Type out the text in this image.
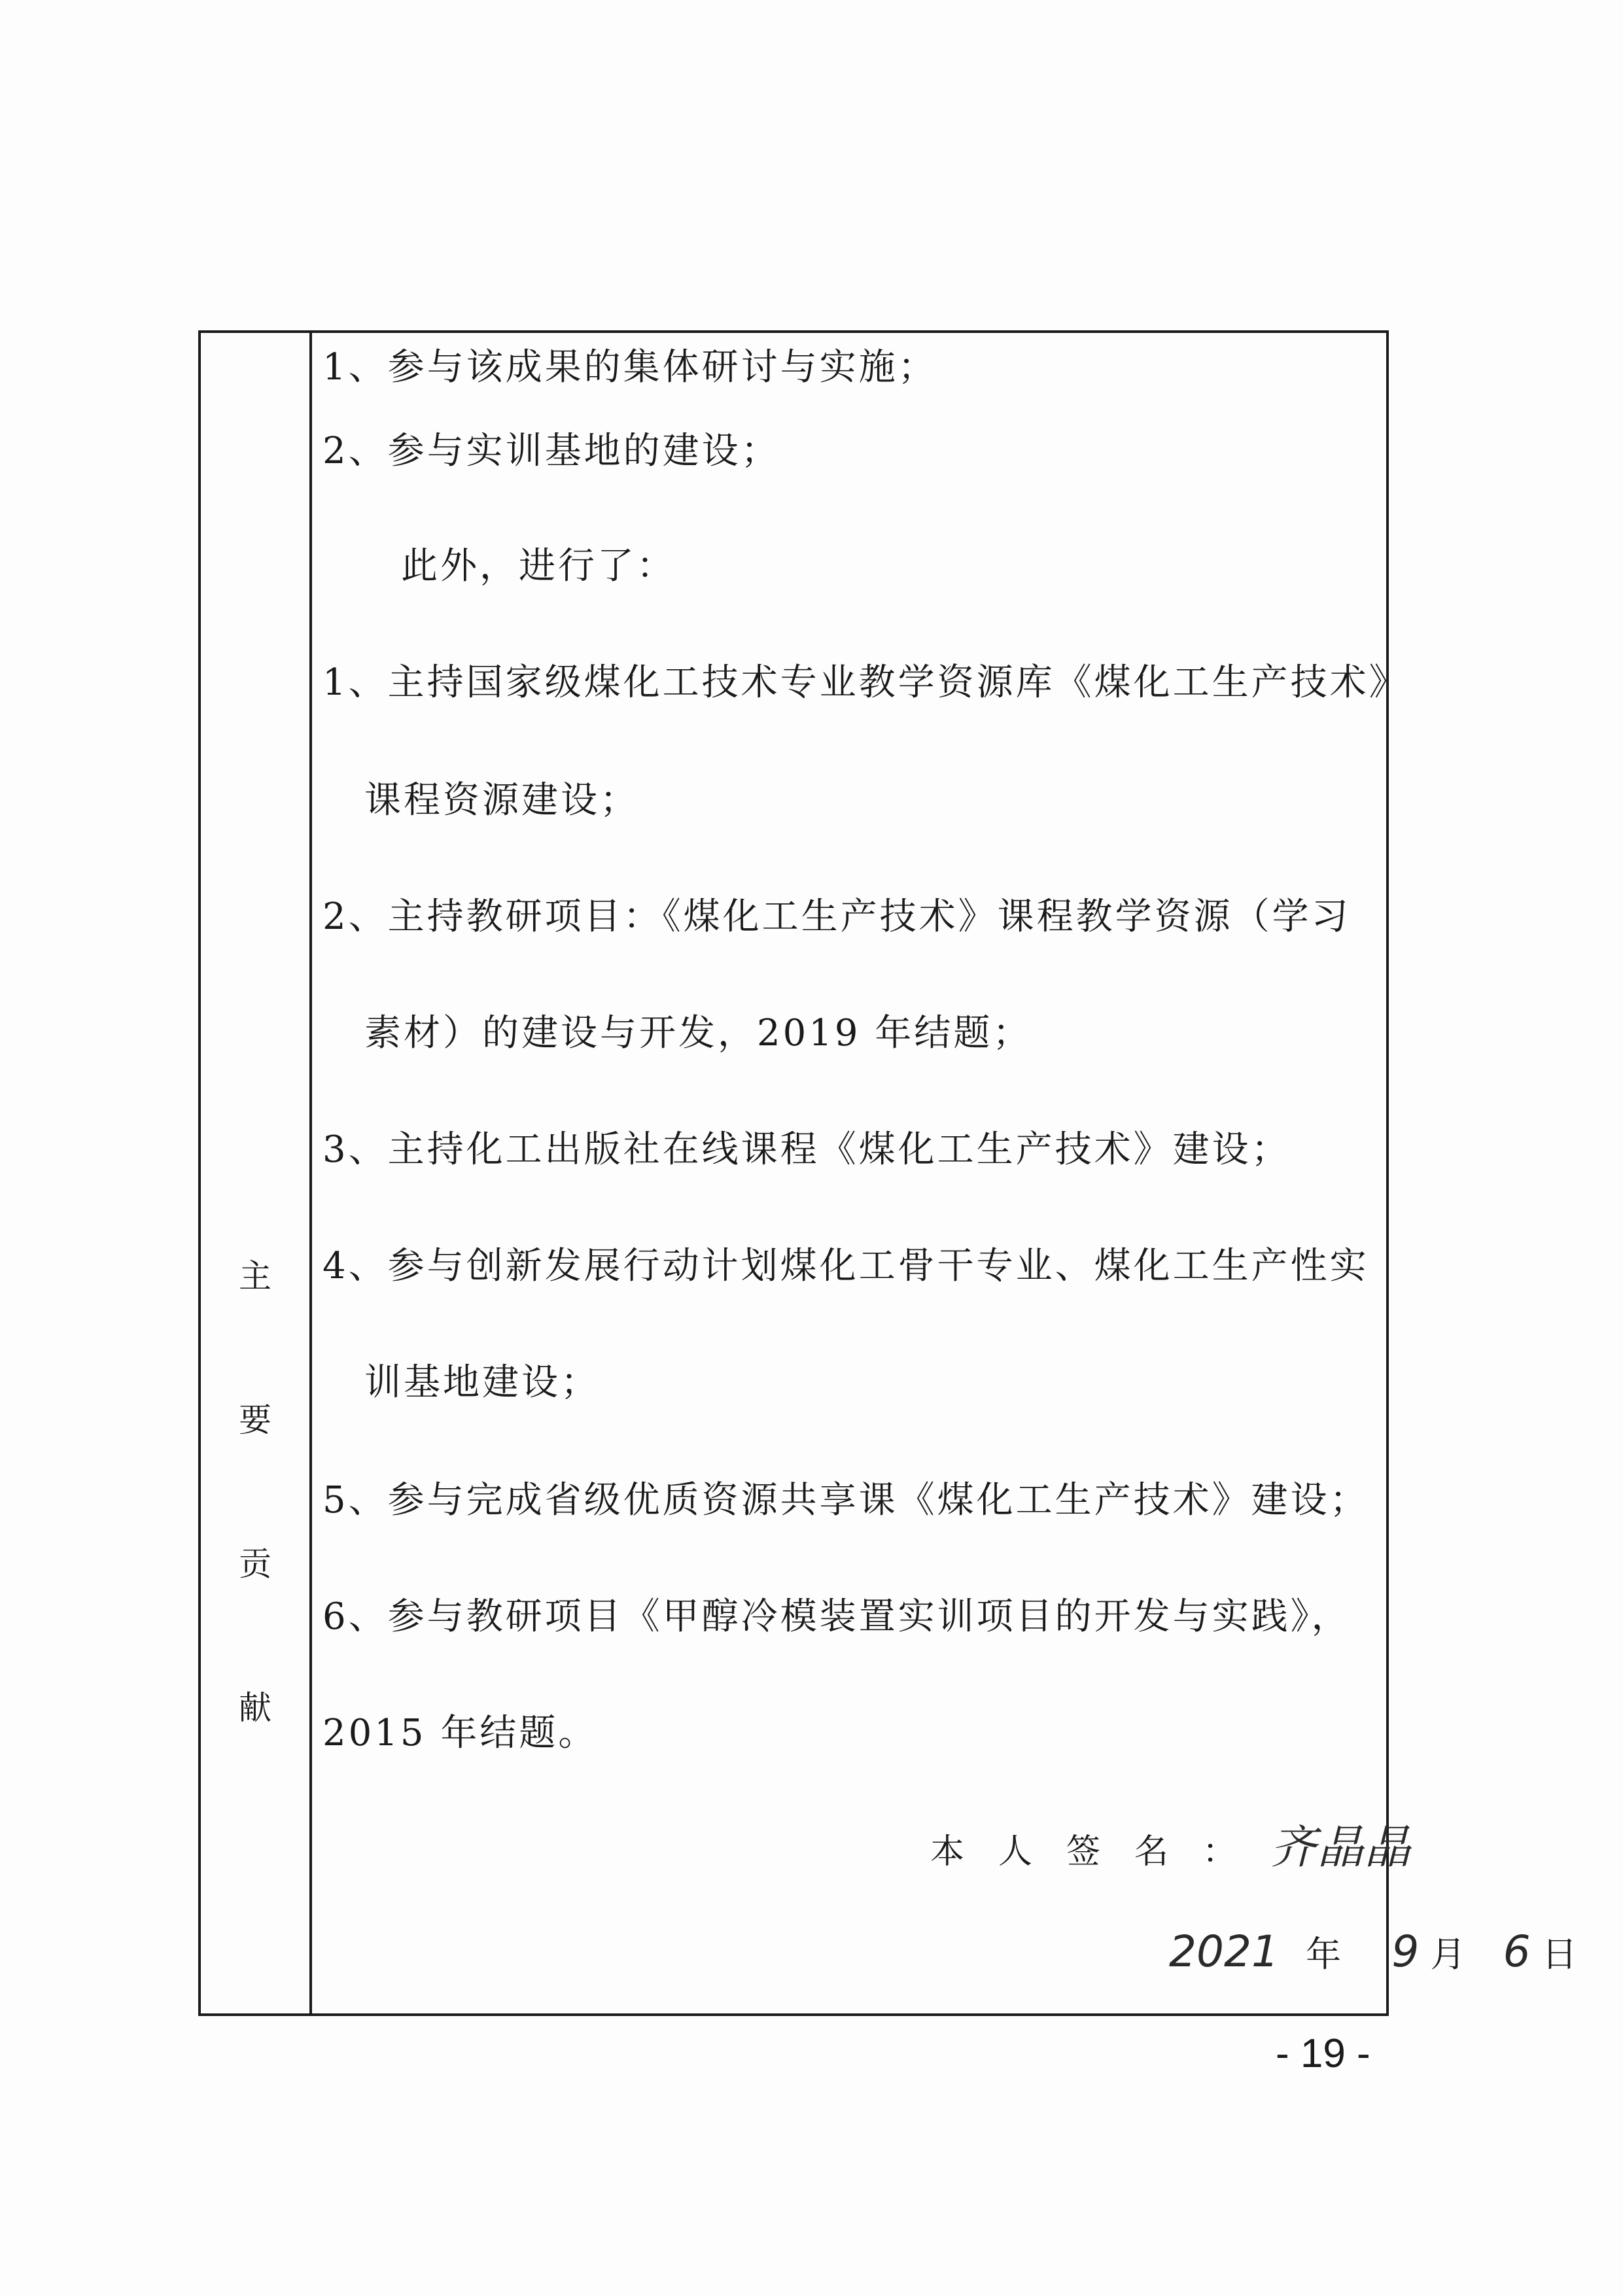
主
要
贡
献
1、参与该成果的集体研讨与实施；
2、参与实训基地的建设；
此外，进行了：
1、主持国家级煤化工技术专业教学资源库《煤化工生产技术》
课程资源建设；
2、主持教研项目：《煤化工生产技术》课程教学资源（学习
素材）的建设与开发，2019 年结题；
3、主持化工出版社在线课程《煤化工生产技术》建设；
4、参与创新发展行动计划煤化工骨干专业、煤化工生产性实
训基地建设；
5、参与完成省级优质资源共享课《煤化工生产技术》建设；
6、参与教研项目《甲醇冷模装置实训项目的开发与实践》，
2015 年结题。
本人签名：齐晶晶
2021 年 9 月 6 日
- 19 -
